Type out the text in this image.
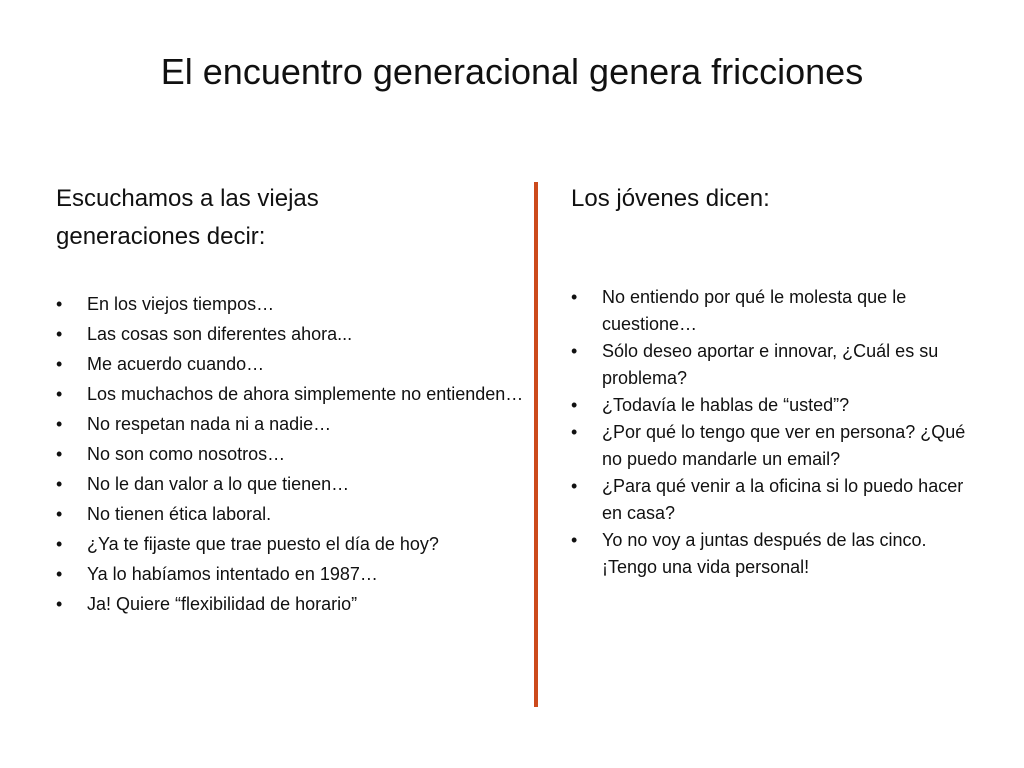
El encuentro generacional genera fricciones

Escuchamos a las viejas generaciones decir:

• En los viejos tiempos…
• Las cosas son diferentes ahora...
• Me acuerdo cuando…
• Los muchachos de ahora simplemente no entienden…
• No respetan nada ni a nadie…
• No son como nosotros…
• No le dan valor a lo que tienen…
• No tienen ética laboral.
• ¿Ya te fijaste que trae puesto el día de hoy?
• Ya lo habíamos intentado en 1987…
• Ja! Quiere “flexibilidad de horario”

Los jóvenes dicen:

• No entiendo por qué le molesta que le cuestione…
• Sólo deseo aportar e innovar, ¿Cuál es su problema?
• ¿Todavía le hablas de “usted”?
• ¿Por qué lo tengo que ver en persona? ¿Qué no puedo mandarle un email?
• ¿Para qué venir a la oficina si lo puedo hacer en casa?
• Yo no voy a juntas después de las cinco. ¡Tengo una vida personal!
